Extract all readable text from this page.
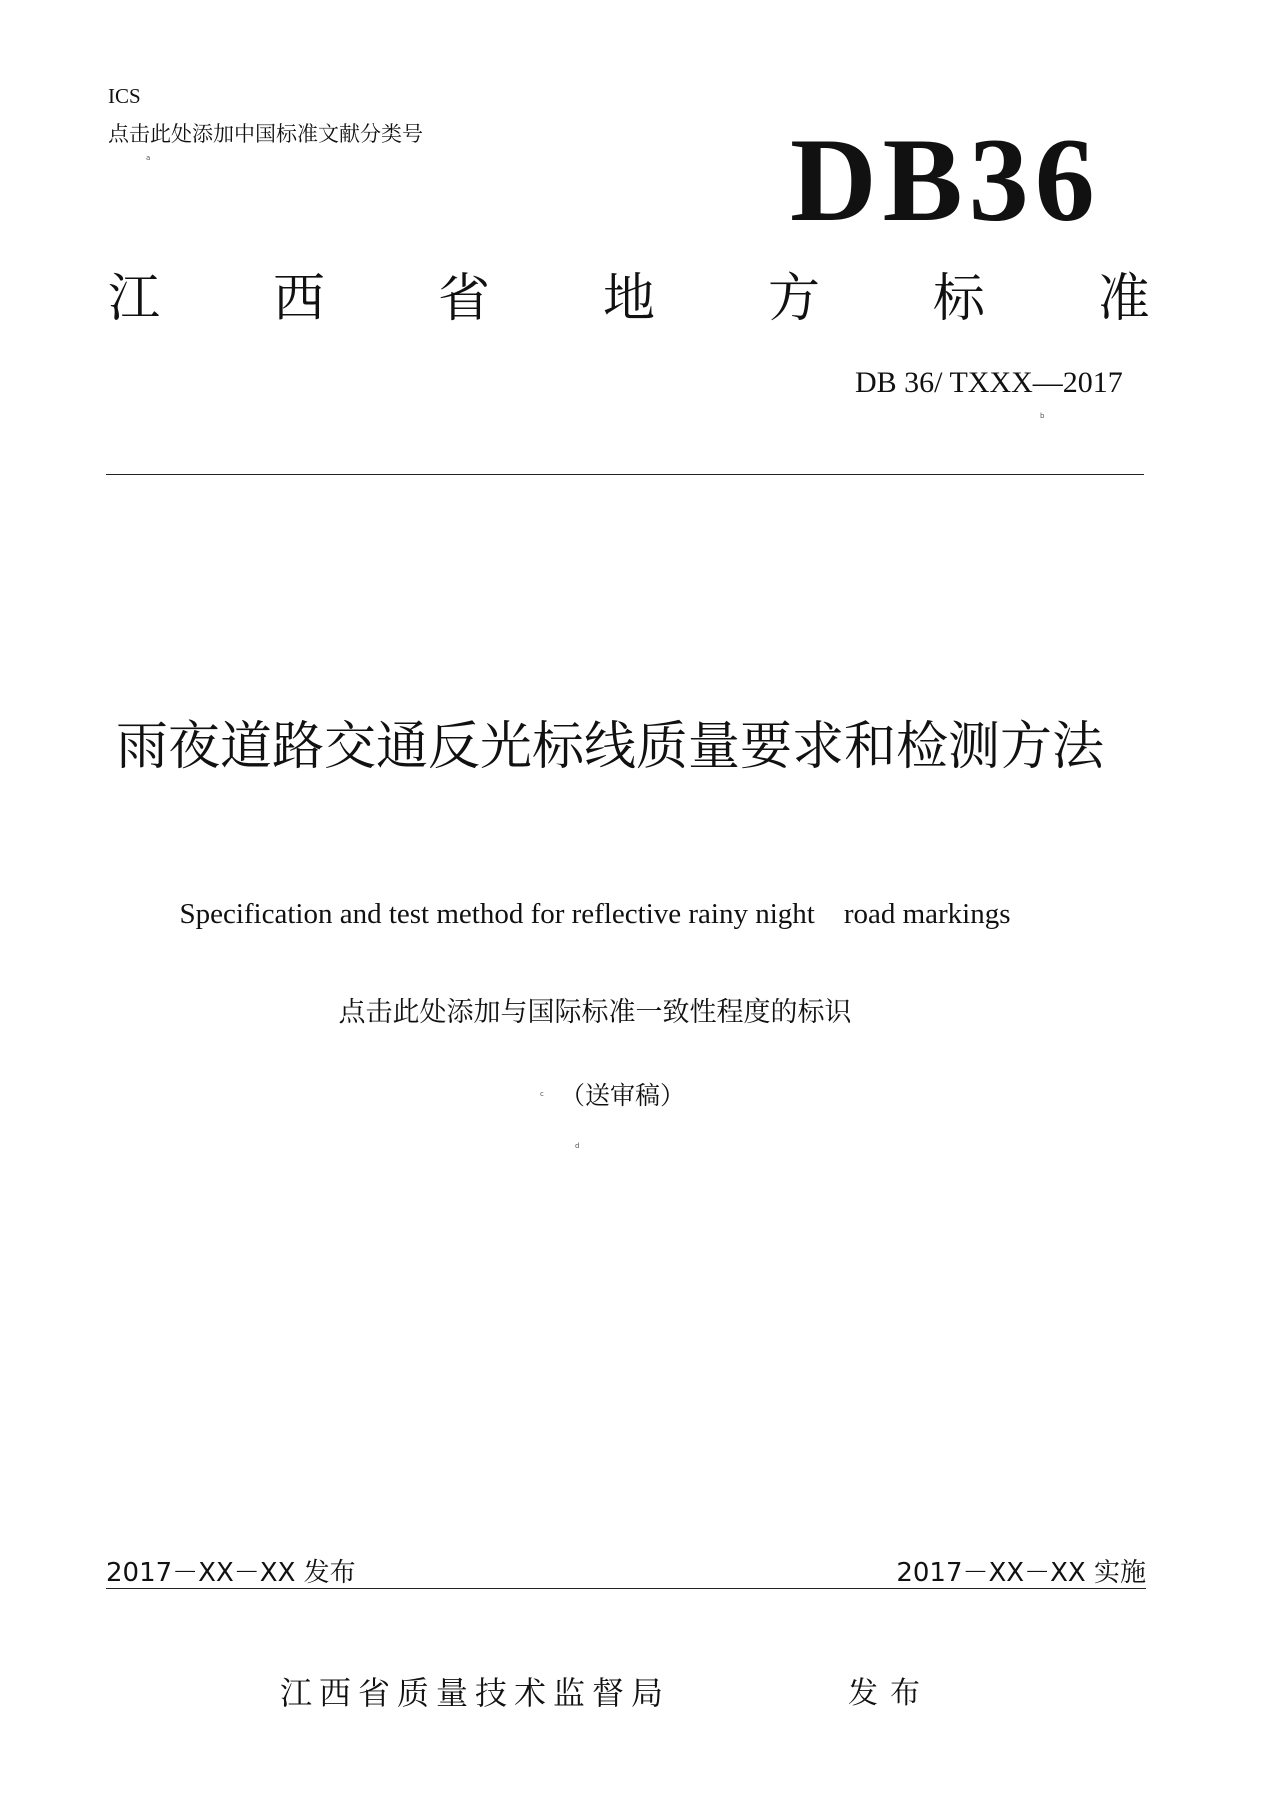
ICS
点击此处添加中国标准文献分类号
a	DB36
江 西 省 地 方 标 准
DB 36/ TXXX—2017
b
雨夜道路交通反光标线质量要求和检测方法
Specification and test method for reflective rainy night road markings
点击此处添加与国际标准一致性程度的标识
c （送审稿）
d
2017－XX－XX 发布	2017－XX－XX 实施
江西省质量技术监督局	发布
